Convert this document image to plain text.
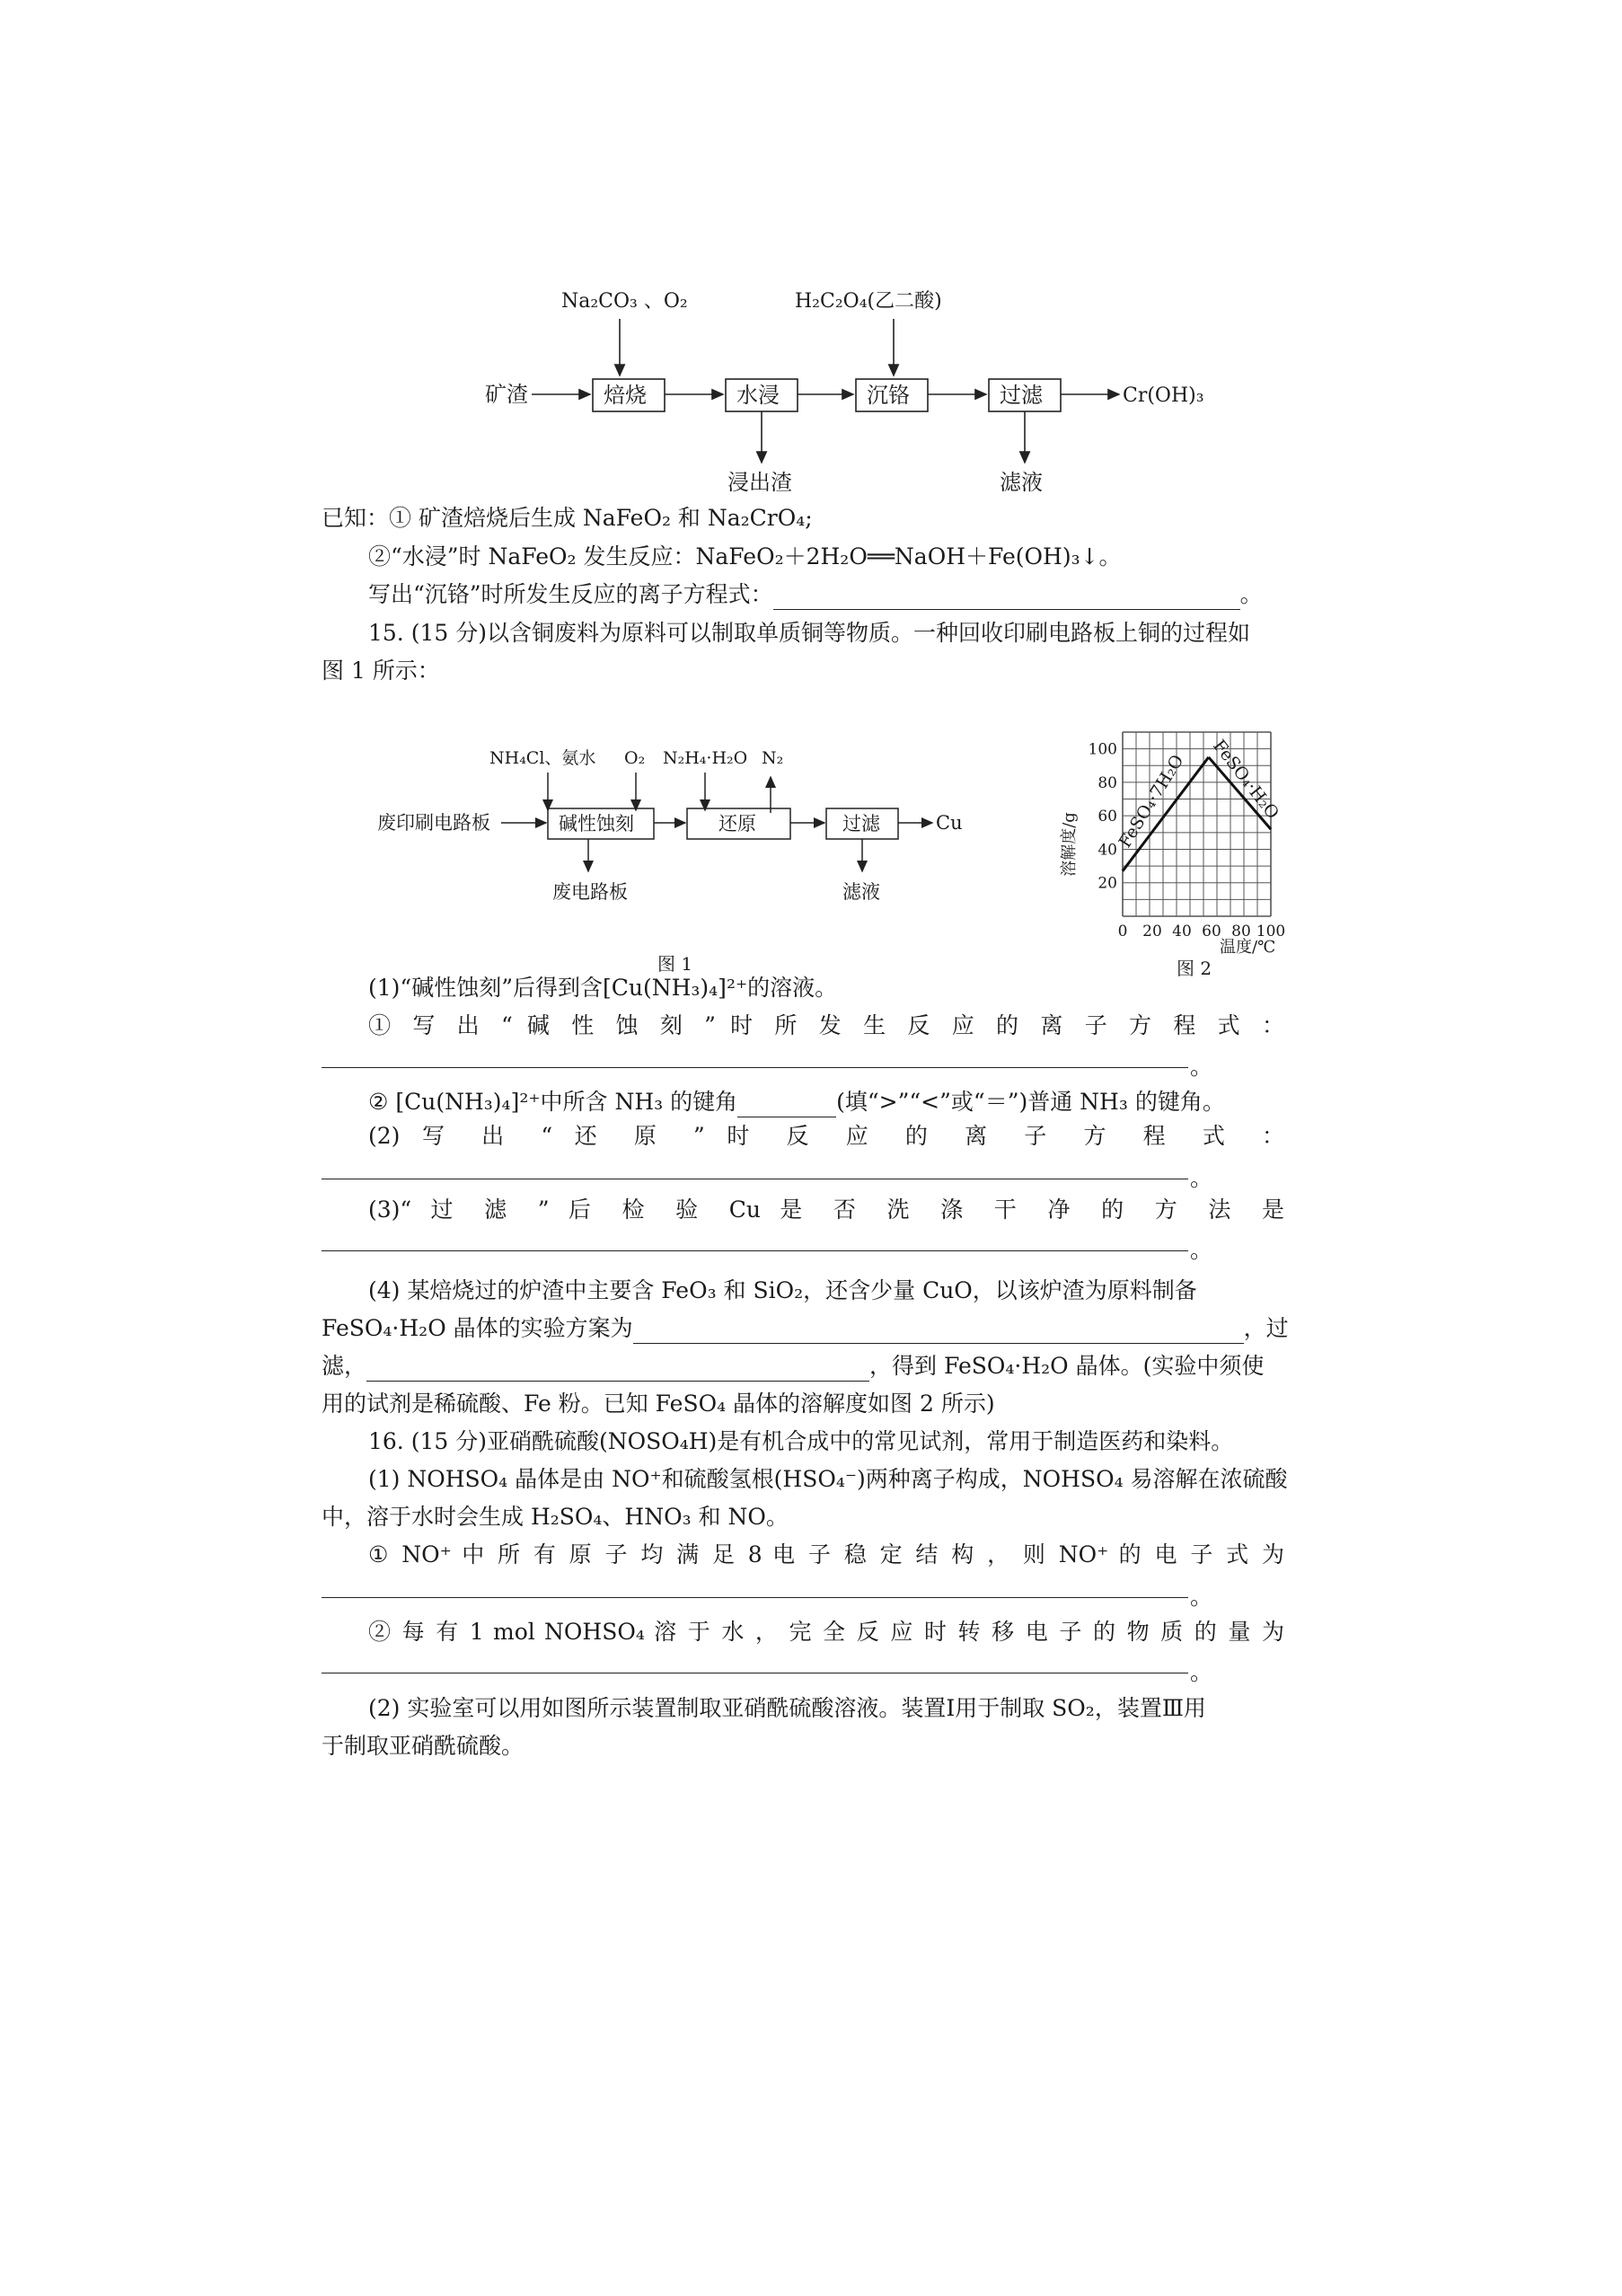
Na₂CO₃ 、O₂	H₂C₂O₄(乙二酸)
矿渣	焙烧	水浸	沉铬	过滤	Cr(OH)₃
浸出渣	滤液
已知：① 矿渣焙烧后生成 NaFeO₂ 和 Na₂CrO₄;
②“水浸”时 NaFeO₂ 发生反应：NaFeO₂＋2H₂O══NaOH＋Fe(OH)₃↓。
写出“沉铬”时所发生反应的离子方程式：	。
15. (15 分)以含铜废料为原料可以制取单质铜等物质。一种回收印刷电路板上铜的过程如
图 1 所示：
NH₄Cl、氨水 O₂ N₂H₄·H₂O N₂
废印刷电路板	碱性蚀刻	还原	过滤	Cu
废电路板	滤液
图 1
100
80
60
40
20
0 20 40 60 80 100
溶解度/g
温度/℃
FeSO₄·7H₂O FeSO₄·H₂O
图 2
(1)“碱性蚀刻”后得到含[Cu(NH₃)₄]²⁺的溶液。
① 写 出 “ 碱 性 蚀 刻 ” 时 所 发 生 反 应 的 离 子 方 程 式 ：
。
② [Cu(NH₃)₄]²⁺中所含 NH₃ 的键角	(填“>”“<”或“＝”)普通 NH₃ 的键角。
(2) 写 出 “ 还 原 ” 时 反 应 的 离 子 方 程 式 ：
。
(3)“ 过 滤 ” 后 检 验 Cu 是 否 洗 涤 干 净 的 方 法 是
。
(4) 某焙烧过的炉渣中主要含 FeO₃ 和 SiO₂，还含少量 CuO，以该炉渣为原料制备
FeSO₄·H₂O 晶体的实验方案为	，过
滤，	，得到 FeSO₄·H₂O 晶体。(实验中须使
用的试剂是稀硫酸、Fe 粉。已知 FeSO₄ 晶体的溶解度如图 2 所示)
16. (15 分)亚硝酰硫酸(NOSO₄H)是有机合成中的常见试剂，常用于制造医药和染料。
(1) NOHSO₄ 晶体是由 NO⁺和硫酸氢根(HSO₄⁻)两种离子构成，NOHSO₄ 易溶解在浓硫酸
中，溶于水时会生成 H₂SO₄、HNO₃ 和 NO。
① NO⁺ 中 所 有 原 子 均 满 足 8 电 子 稳 定 结 构 ， 则 NO⁺ 的 电 子 式 为
。
② 每 有 1 mol NOHSO₄ 溶 于 水 ， 完 全 反 应 时 转 移 电 子 的 物 质 的 量 为
。
(2) 实验室可以用如图所示装置制取亚硝酰硫酸溶液。装置Ⅰ用于制取 SO₂，装置Ⅲ用
于制取亚硝酰硫酸。
